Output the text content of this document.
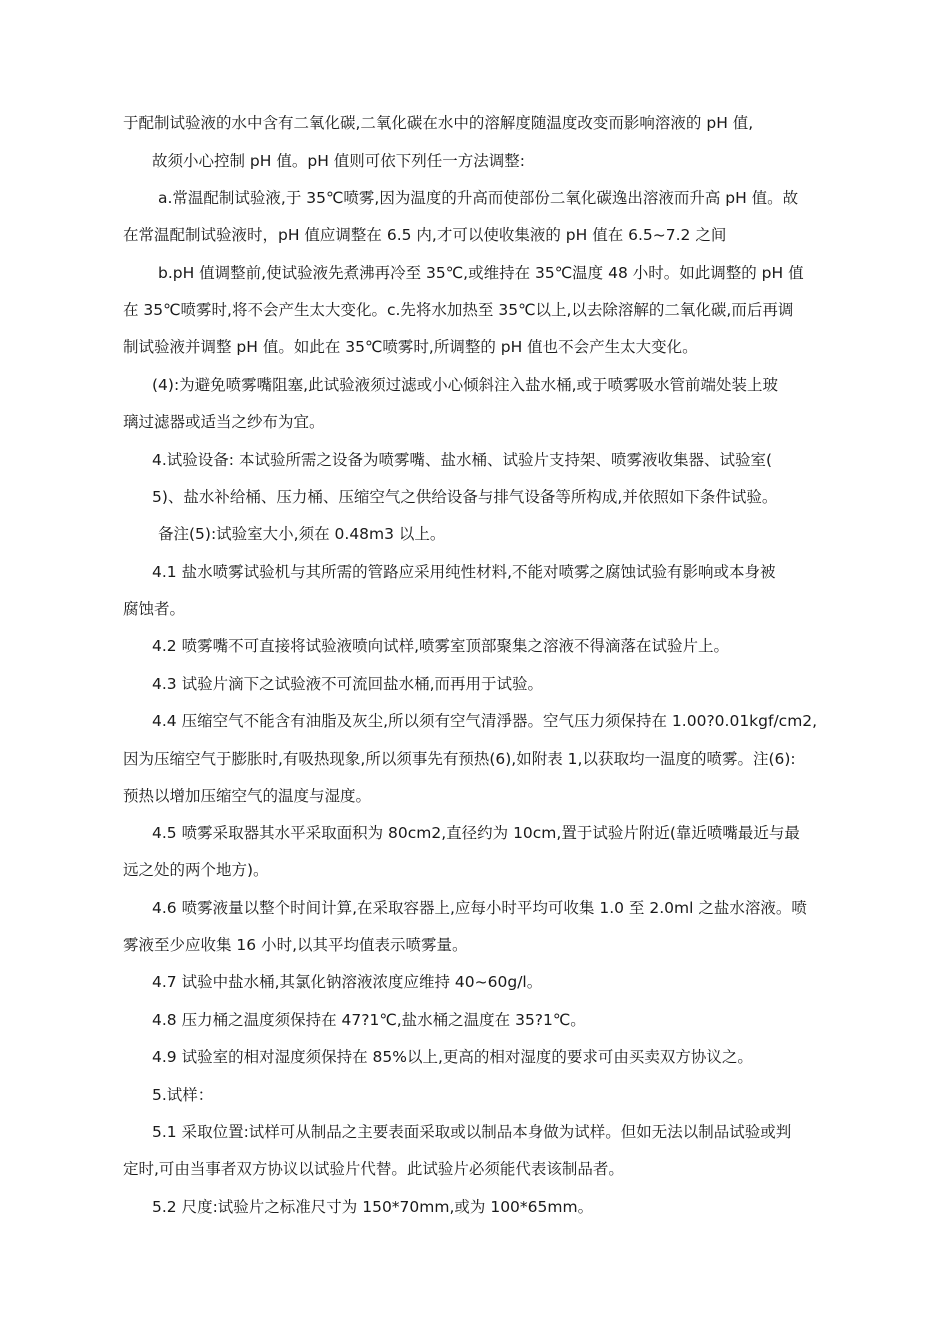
于配制试验液的水中含有二氧化碳,二氧化碳在水中的溶解度随温度改变而影响溶液的 pH 值,
故须小心控制 pH 值。pH 值则可依下列任一方法调整:
a.常温配制试验液,于 35℃喷雾,因为温度的升高而使部份二氧化碳逸出溶液而升高 pH 值。故
在常温配制试验液时，pH 值应调整在 6.5 内,才可以使收集液的 pH 值在 6.5~7.2 之间
b.pH 值调整前,使试验液先煮沸再冷至 35℃,或维持在 35℃温度 48 小时。如此调整的 pH 值
在 35℃喷雾时,将不会产生太大变化。c.先将水加热至 35℃以上,以去除溶解的二氧化碳,而后再调
制试验液并调整 pH 值。如此在 35℃喷雾时,所调整的 pH 值也不会产生太大变化。
(4):为避免喷雾嘴阻塞,此试验液须过滤或小心倾斜注入盐水桶,或于喷雾吸水管前端处装上玻
璃过滤器或适当之纱布为宜。
4.试验设备: 本试验所需之设备为喷雾嘴、盐水桶、试验片支持架、喷雾液收集器、试验室(
5)、盐水补给桶、压力桶、压缩空气之供给设备与排气设备等所构成,并依照如下条件试验。
备注(5):试验室大小,须在 0.48m3 以上。
4.1 盐水喷雾试验机与其所需的管路应采用纯性材料,不能对喷雾之腐蚀试验有影响或本身被
腐蚀者。
4.2 喷雾嘴不可直接将试验液喷向试样,喷雾室顶部聚集之溶液不得滴落在试验片上。
4.3 试验片滴下之试验液不可流回盐水桶,而再用于试验。
4.4 压缩空气不能含有油脂及灰尘,所以须有空气清淨器。空气压力须保持在 1.00?0.01kgf/cm2,
因为压缩空气于膨胀时,有吸热现象,所以须事先有预热(6),如附表 1,以获取均一温度的喷雾。注(6):
预热以增加压缩空气的温度与湿度。
4.5 喷雾采取器其水平采取面积为 80cm2,直径约为 10cm,置于试验片附近(靠近喷嘴最近与最
远之处的两个地方)。
4.6 喷雾液量以整个时间计算,在采取容器上,应每小时平均可收集 1.0 至 2.0ml 之盐水溶液。喷
雾液至少应收集 16 小时,以其平均值表示喷雾量。
4.7 试验中盐水桶,其氯化钠溶液浓度应维持 40~60g/l。
4.8 压力桶之温度须保持在 47?1℃,盐水桶之温度在 35?1℃。
4.9 试验室的相对湿度须保持在 85%以上,更高的相对湿度的要求可由买卖双方协议之。
5.试样：
5.1 采取位置:试样可从制品之主要表面采取或以制品本身做为试样。但如无法以制品试验或判
定时,可由当事者双方协议以试验片代替。此试验片必须能代表该制品者。
5.2 尺度:试验片之标准尺寸为 150*70mm,或为 100*65mm。
